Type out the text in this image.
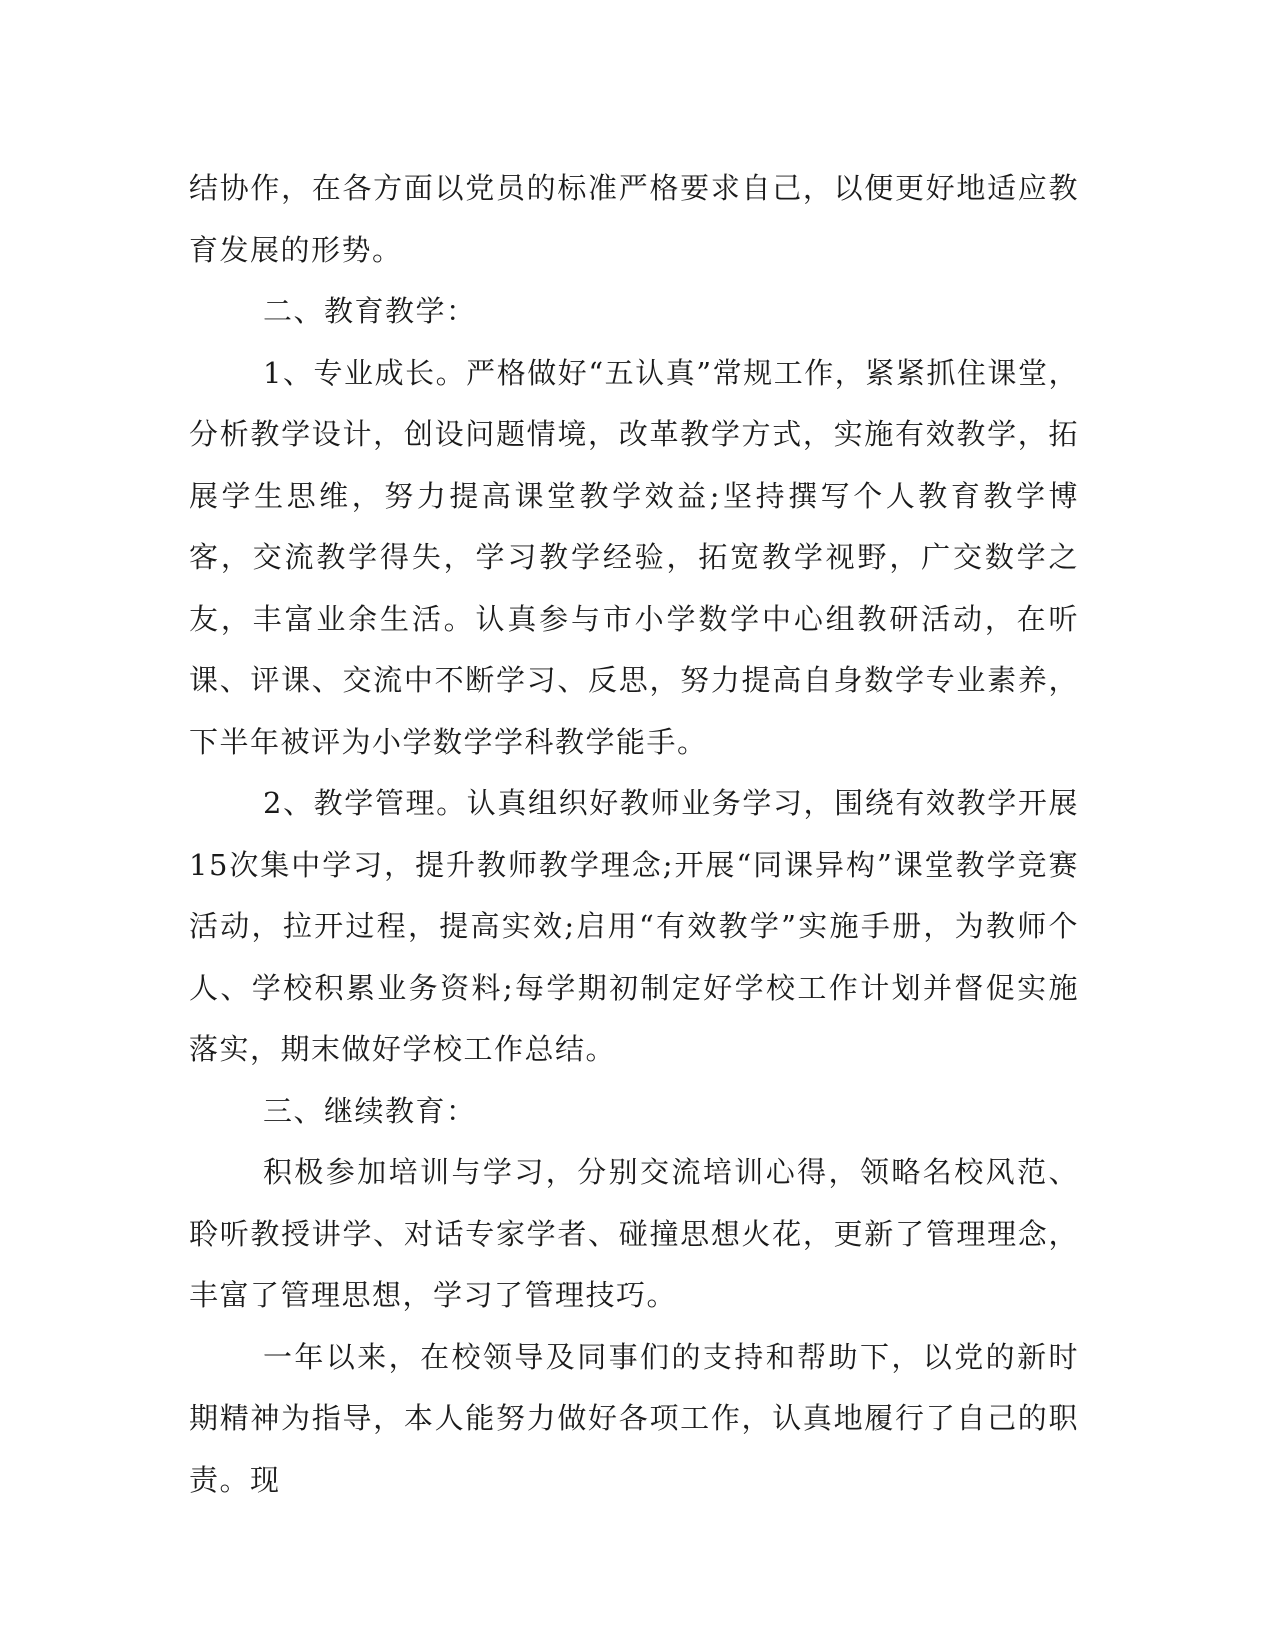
结协作，在各方面以党员的标准严格要求自己，以便更好地适应教育发展的形势。

二、教育教学：

1、专业成长。严格做好“五认真”常规工作，紧紧抓住课堂，分析教学设计，创设问题情境，改革教学方式，实施有效教学，拓展学生思维，努力提高课堂教学效益;坚持撰写个人教育教学博客，交流教学得失，学习教学经验，拓宽教学视野，广交数学之友，丰富业余生活。认真参与市小学数学中心组教研活动，在听课、评课、交流中不断学习、反思，努力提高自身数学专业素养，下半年被评为小学数学学科教学能手。

2、教学管理。认真组织好教师业务学习，围绕有效教学开展15次集中学习，提升教师教学理念;开展“同课异构”课堂教学竞赛活动，拉开过程，提高实效;启用“有效教学”实施手册，为教师个人、学校积累业务资料;每学期初制定好学校工作计划并督促实施落实，期末做好学校工作总结。

三、继续教育：

积极参加培训与学习，分别交流培训心得，领略名校风范、聆听教授讲学、对话专家学者、碰撞思想火花，更新了管理理念，丰富了管理思想，学习了管理技巧。

一年以来，在校领导及同事们的支持和帮助下，以党的新时期精神为指导，本人能努力做好各项工作，认真地履行了自己的职责。现
